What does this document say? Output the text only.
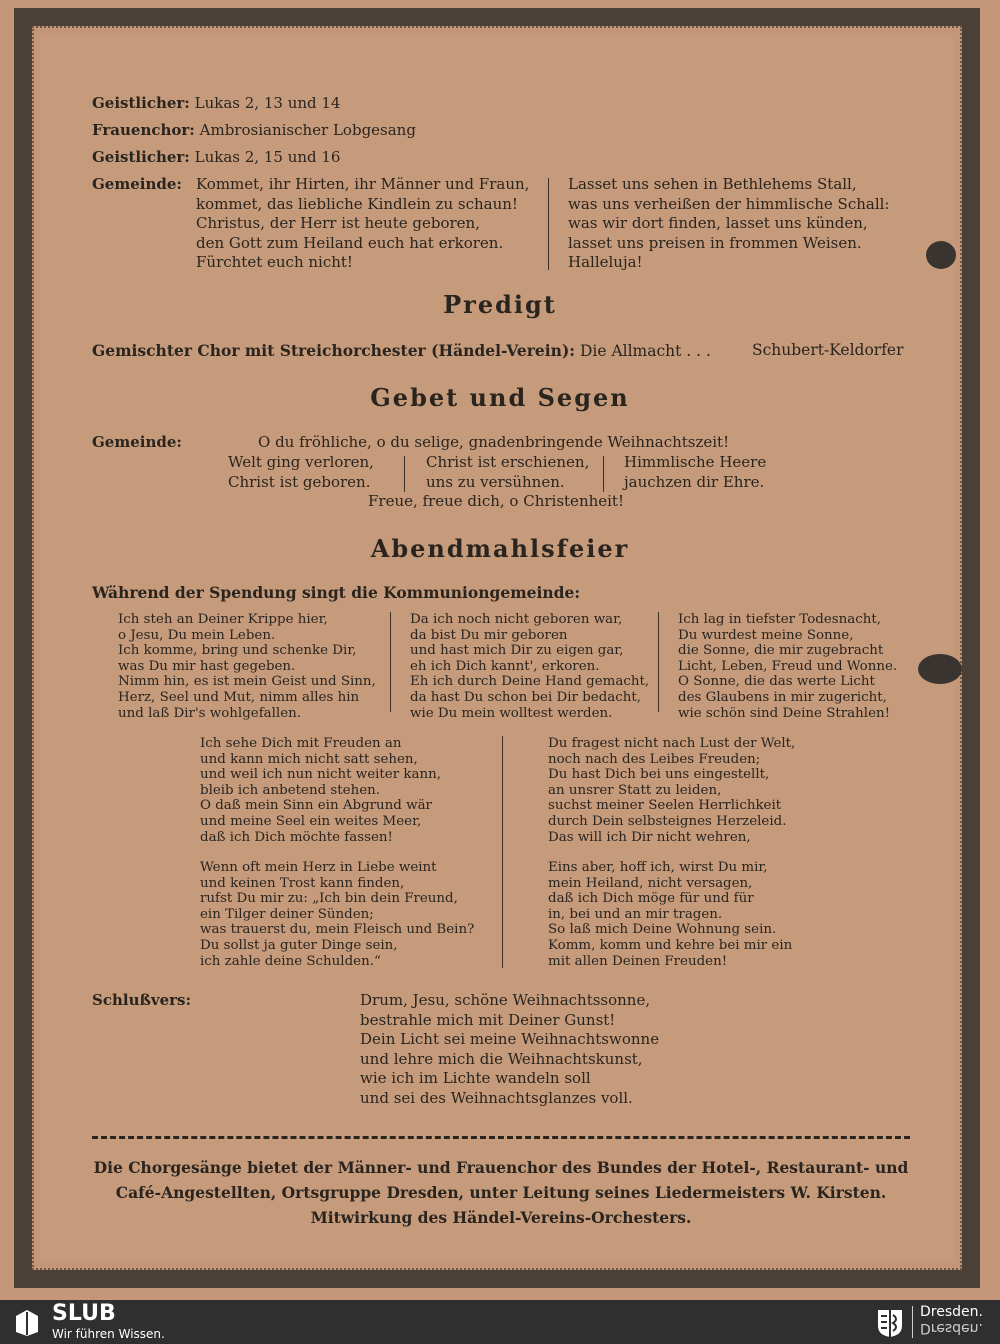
Geistlicher: Lukas 2, 13 und 14
Frauenchor: Ambrosianischer Lobgesang
Geistlicher: Lukas 2, 15 und 16
Gemeinde: Kommet, ihr Hirten, ihr Männer und Fraun,
kommet, das liebliche Kindlein zu schaun!
Christus, der Herr ist heute geboren,
den Gott zum Heiland euch hat erkoren.
Fürchtet euch nicht!
Lasset uns sehen in Bethlehems Stall,
was uns verheißen der himmlische Schall:
was wir dort finden, lasset uns künden,
lasset uns preisen in frommen Weisen.
Halleluja!
Predigt
Gemischter Chor mit Streichorchester (Händel-Verein): Die Allmacht . . .	Schubert-Keldorfer
Gebet und Segen
Gemeinde:	O du fröhliche, o du selige, gnadenbringende Weihnachtszeit!
Welt ging verloren,
Christ ist geboren.
Christ ist erschienen,
uns zu versühnen.
Himmlische Heere
jauchzen dir Ehre.
Freue, freue dich, o Christenheit!
Abendmahlsfeier
Während der Spendung singt die Kommuniongemeinde:
Ich steh an Deiner Krippe hier,
o Jesu, Du mein Leben.
Ich komme, bring und schenke Dir,
was Du mir hast gegeben.
Nimm hin, es ist mein Geist und Sinn,
Herz, Seel und Mut, nimm alles hin
und laß Dir's wohlgefallen.
Da ich noch nicht geboren war,
da bist Du mir geboren
und hast mich Dir zu eigen gar,
eh ich Dich kannt', erkoren.
Eh ich durch Deine Hand gemacht,
da hast Du schon bei Dir bedacht,
wie Du mein wolltest werden.
Ich lag in tiefster Todesnacht,
Du wurdest meine Sonne,
die Sonne, die mir zugebracht
Licht, Leben, Freud und Wonne.
O Sonne, die das werte Licht
des Glaubens in mir zugericht,
wie schön sind Deine Strahlen!
Ich sehe Dich mit Freuden an
und kann mich nicht satt sehen,
und weil ich nun nicht weiter kann,
bleib ich anbetend stehen.
O daß mein Sinn ein Abgrund wär
und meine Seel ein weites Meer,
daß ich Dich möchte fassen!
Du fragest nicht nach Lust der Welt,
noch nach des Leibes Freuden;
Du hast Dich bei uns eingestellt,
an unsrer Statt zu leiden,
suchst meiner Seelen Herrlichkeit
durch Dein selbsteignes Herzeleid.
Das will ich Dir nicht wehren,
Wenn oft mein Herz in Liebe weint
und keinen Trost kann finden,
rufst Du mir zu: „Ich bin dein Freund,
ein Tilger deiner Sünden;
was trauerst du, mein Fleisch und Bein?
Du sollst ja guter Dinge sein,
ich zahle deine Schulden.“
Eins aber, hoff ich, wirst Du mir,
mein Heiland, nicht versagen,
daß ich Dich möge für und für
in, bei und an mir tragen.
So laß mich Deine Wohnung sein.
Komm, komm und kehre bei mir ein
mit allen Deinen Freuden!
Schlußvers:	Drum, Jesu, schöne Weihnachtssonne,
bestrahle mich mit Deiner Gunst!
Dein Licht sei meine Weihnachtswonne
und lehre mich die Weihnachtskunst,
wie ich im Lichte wandeln soll
und sei des Weihnachtsglanzes voll.
Die Chorgesänge bietet der Männer- und Frauenchor des Bundes der Hotel-, Restaurant- und
Café-Angestellten, Ortsgruppe Dresden, unter Leitung seines Liedermeisters W. Kirsten.
Mitwirkung des Händel-Vereins-Orchesters.
SLUB
Wir führen Wissen.
Dresden.
Dresden.
